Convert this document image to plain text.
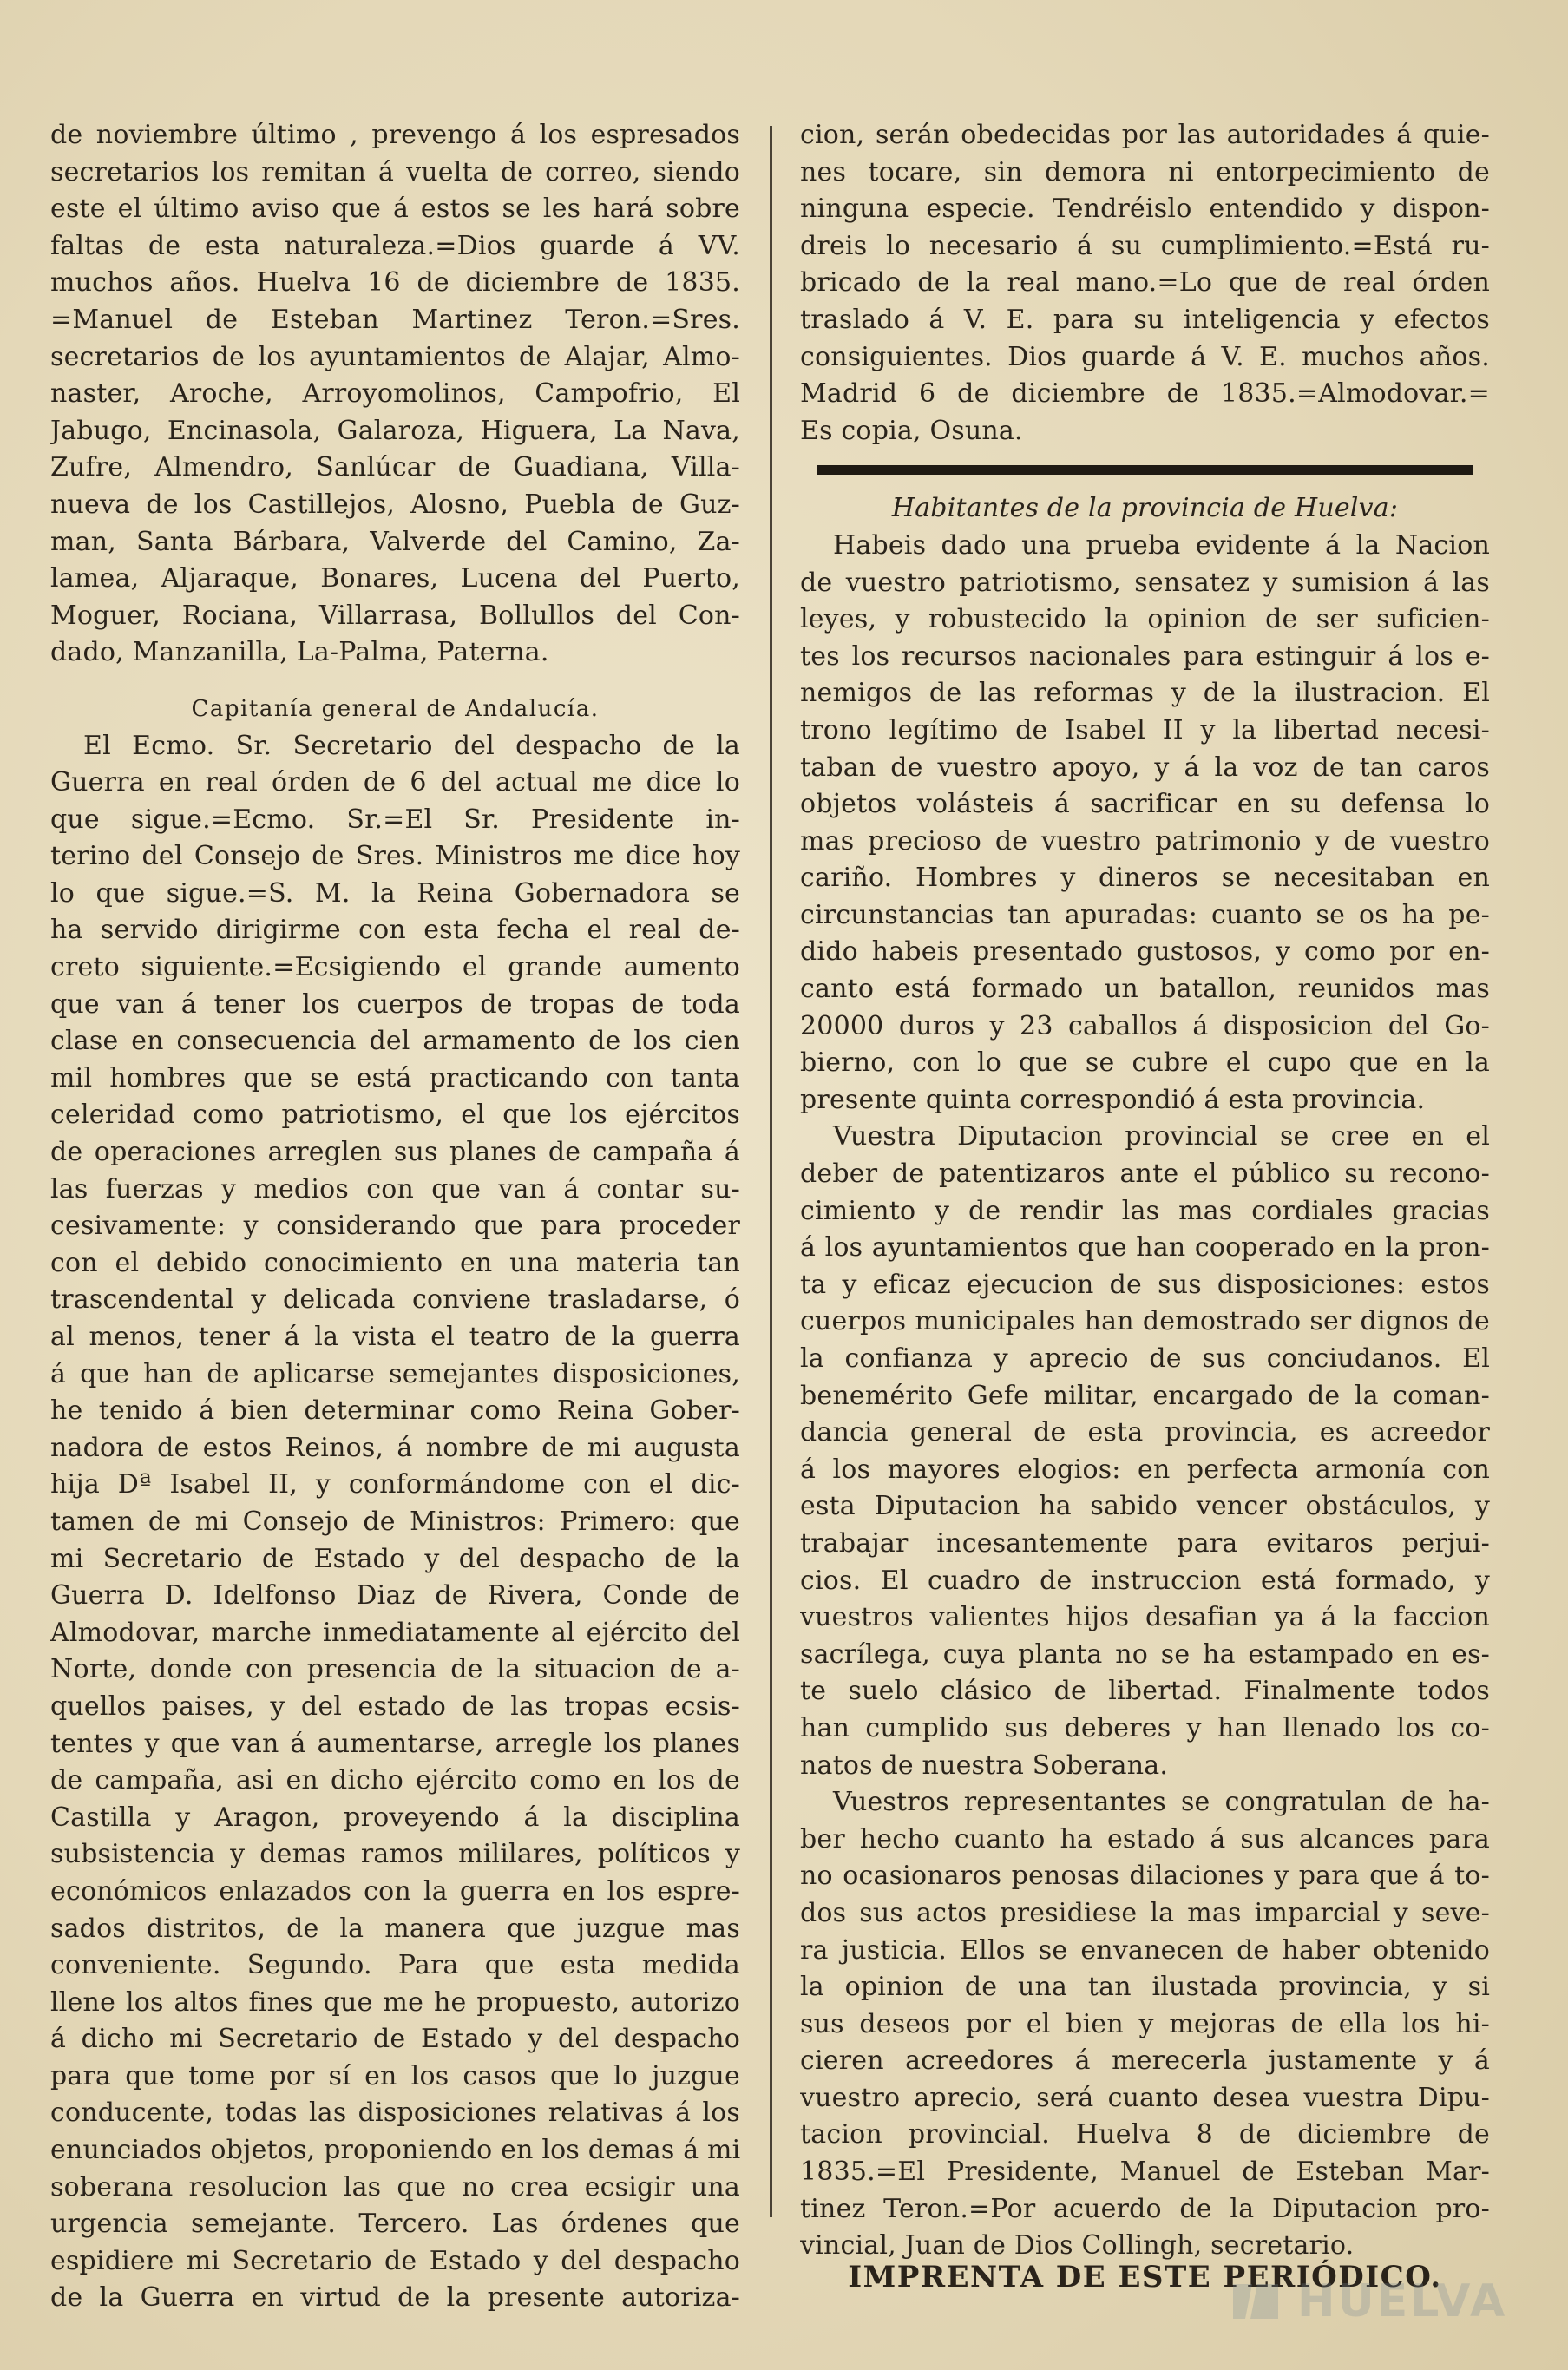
de noviembre último , prevengo á los espresados
secretarios los remitan á vuelta de correo, siendo
este el último aviso que á estos se les hará sobre
faltas de esta naturaleza.=Dios guarde á VV.
muchos años. Huelva 16 de diciembre de 1835.
=Manuel de Esteban Martinez Teron.=Sres.
secretarios de los ayuntamientos de Alajar, Almo-
naster, Aroche, Arroyomolinos, Campofrio, El
Jabugo, Encinasola, Galaroza, Higuera, La Nava,
Zufre, Almendro, Sanlúcar de Guadiana, Villa-
nueva de los Castillejos, Alosno, Puebla de Guz-
man, Santa Bárbara, Valverde del Camino, Za-
lamea, Aljaraque, Bonares, Lucena del Puerto,
Moguer, Rociana, Villarrasa, Bollullos del Con-
dado, Manzanilla, La-Palma, Paterna.
Capitanía general de Andalucía.
El Ecmo. Sr. Secretario del despacho de la
Guerra en real órden de 6 del actual me dice lo
que sigue.=Ecmo. Sr.=El Sr. Presidente in-
terino del Consejo de Sres. Ministros me dice hoy
lo que sigue.=S. M. la Reina Gobernadora se
ha servido dirigirme con esta fecha el real de-
creto siguiente.=Ecsigiendo el grande aumento
que van á tener los cuerpos de tropas de toda
clase en consecuencia del armamento de los cien
mil hombres que se está practicando con tanta
celeridad como patriotismo, el que los ejércitos
de operaciones arreglen sus planes de campaña á
las fuerzas y medios con que van á contar su-
cesivamente: y considerando que para proceder
con el debido conocimiento en una materia tan
trascendental y delicada conviene trasladarse, ó
al menos, tener á la vista el teatro de la guerra
á que han de aplicarse semejantes disposiciones,
he tenido á bien determinar como Reina Gober-
nadora de estos Reinos, á nombre de mi augusta
hija Dª Isabel II, y conformándome con el dic-
tamen de mi Consejo de Ministros: Primero: que
mi Secretario de Estado y del despacho de la
Guerra D. Idelfonso Diaz de Rivera, Conde de
Almodovar, marche inmediatamente al ejército del
Norte, donde con presencia de la situacion de a-
quellos paises, y del estado de las tropas ecsis-
tentes y que van á aumentarse, arregle los planes
de campaña, asi en dicho ejército como en los de
Castilla y Aragon, proveyendo á la disciplina
subsistencia y demas ramos mililares, políticos y
económicos enlazados con la guerra en los espre-
sados distritos, de la manera que juzgue mas
conveniente. Segundo. Para que esta medida
llene los altos fines que me he propuesto, autorizo
á dicho mi Secretario de Estado y del despacho
para que tome por sí en los casos que lo juzgue
conducente, todas las disposiciones relativas á los
enunciados objetos, proponiendo en los demas á mi
soberana resolucion las que no crea ecsigir una
urgencia semejante. Tercero. Las órdenes que
espidiere mi Secretario de Estado y del despacho
de la Guerra en virtud de la presente autoriza-
cion, serán obedecidas por las autoridades á quie-
nes tocare, sin demora ni entorpecimiento de
ninguna especie. Tendréislo entendido y dispon-
dreis lo necesario á su cumplimiento.=Está ru-
bricado de la real mano.=Lo que de real órden
traslado á V. E. para su inteligencia y efectos
consiguientes. Dios guarde á V. E. muchos años.
Madrid 6 de diciembre de 1835.=Almodovar.=
Es copia, Osuna.
Habitantes de la provincia de Huelva:
Habeis dado una prueba evidente á la Nacion
de vuestro patriotismo, sensatez y sumision á las
leyes, y robustecido la opinion de ser suficien-
tes los recursos nacionales para estinguir á los e-
nemigos de las reformas y de la ilustracion. El
trono legítimo de Isabel II y la libertad necesi-
taban de vuestro apoyo, y á la voz de tan caros
objetos volásteis á sacrificar en su defensa lo
mas precioso de vuestro patrimonio y de vuestro
cariño. Hombres y dineros se necesitaban en
circunstancias tan apuradas: cuanto se os ha pe-
dido habeis presentado gustosos, y como por en-
canto está formado un batallon, reunidos mas
20000 duros y 23 caballos á disposicion del Go-
bierno, con lo que se cubre el cupo que en la
presente quinta correspondió á esta provincia.
Vuestra Diputacion provincial se cree en el
deber de patentizaros ante el público su recono-
cimiento y de rendir las mas cordiales gracias
á los ayuntamientos que han cooperado en la pron-
ta y eficaz ejecucion de sus disposiciones: estos
cuerpos municipales han demostrado ser dignos de
la confianza y aprecio de sus conciudanos. El
benemérito Gefe militar, encargado de la coman-
dancia general de esta provincia, es acreedor
á los mayores elogios: en perfecta armonía con
esta Diputacion ha sabido vencer obstáculos, y
trabajar incesantemente para evitaros perjui-
cios. El cuadro de instruccion está formado, y
vuestros valientes hijos desafian ya á la faccion
sacrílega, cuya planta no se ha estampado en es-
te suelo clásico de libertad. Finalmente todos
han cumplido sus deberes y han llenado los co-
natos de nuestra Soberana.
Vuestros representantes se congratulan de ha-
ber hecho cuanto ha estado á sus alcances para
no ocasionaros penosas dilaciones y para que á to-
dos sus actos presidiese la mas imparcial y seve-
ra justicia. Ellos se envanecen de haber obtenido
la opinion de una tan ilustada provincia, y si
sus deseos por el bien y mejoras de ella los hi-
cieren acreedores á merecerla justamente y á
vuestro aprecio, será cuanto desea vuestra Dipu-
tacion provincial. Huelva 8 de diciembre de
1835.=El Presidente, Manuel de Esteban Mar-
tinez Teron.=Por acuerdo de la Diputacion pro-
vincial, Juan de Dios Collingh, secretario.
IMPRENTA DE ESTE PERIÓDICO.
HUELVA
